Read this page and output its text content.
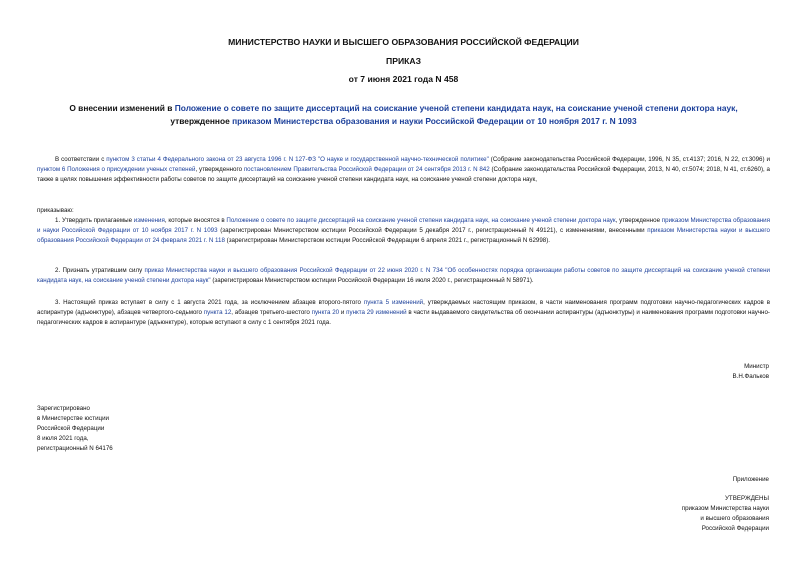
МИНИСТЕРСТВО НАУКИ И ВЫСШЕГО ОБРАЗОВАНИЯ РОССИЙСКОЙ ФЕДЕРАЦИИ
ПРИКАЗ
от 7 июня 2021 года N 458
О внесении изменений в Положение о совете по защите диссертаций на соискание ученой степени кандидата наук, на соискание ученой степени доктора наук,
утвержденное приказом Министерства образования и науки Российской Федерации от 10 ноября 2017 г. N 1093

В соответствии с пунктом 3 статьи 4 Федерального закона от 23 августа 1996 г. N 127-ФЗ "О науке и государственной научно-технической политике" (Собрание законодательства Российской Федерации, 1996, N 35, ст.4137; 2016, N 22, ст.3096) и пунктом 6 Положения о присуждении ученых степеней, утвержденного постановлением Правительства Российской Федерации от 24 сентября 2013 г. N 842 (Собрание законодательства Российской Федерации, 2013, N 40, ст.5074; 2018, N 41, ст.6260), а также в целях повышения эффективности работы советов по защите диссертаций на соискание ученой степени кандидата наук, на соискание ученой степени доктора наук,

приказываю:

1. Утвердить прилагаемые изменения, которые вносятся в Положение о совете по защите диссертаций на соискание ученой степени кандидата наук, на соискание ученой степени доктора наук, утвержденное приказом Министерства образования и науки Российской Федерации от 10 ноября 2017 г. N 1093 (зарегистрирован Министерством юстиции Российской Федерации 5 декабря 2017 г., регистрационный N 49121), с изменениями, внесенными приказом Министерства науки и высшего образования Российской Федерации от 24 февраля 2021 г. N 118 (зарегистрирован Министерством юстиции Российской Федерации 6 апреля 2021 г., регистрационный N 62998).

2. Признать утратившим силу приказ Министерства науки и высшего образования Российской Федерации от 22 июня 2020 г. N 734 "Об особенностях порядка организации работы советов по защите диссертаций на соискание ученой степени кандидата наук, на соискание ученой степени доктора наук" (зарегистрирован Министерством юстиции Российской Федерации 16 июля 2020 г., регистрационный N 58971).

3. Настоящий приказ вступает в силу с 1 августа 2021 года, за исключением абзацев второго-пятого пункта 5 изменений, утверждаемых настоящим приказом, в части наименования программ подготовки научно-педагогических кадров в аспирантуре (адъюнктуре), абзацев четвертого-седьмого пункта 12, абзацев третьего-шестого пункта 20 и пункта 29 изменений в части выдаваемого свидетельства об окончании аспирантуры (адъюнктуры) и наименования программ подготовки научно-педагогических кадров в аспирантуре (адъюнктуре), которые вступают в силу с 1 сентября 2021 года.

Министр
В.Н.Фальков
Зарегистрировано
в Министерстве юстиции
Российской Федерации
8 июля 2021 года,
регистрационный N 64176
Приложение
УТВЕРЖДЕНЫ
приказом Министерства науки
и высшего образования
Российской Федерации
